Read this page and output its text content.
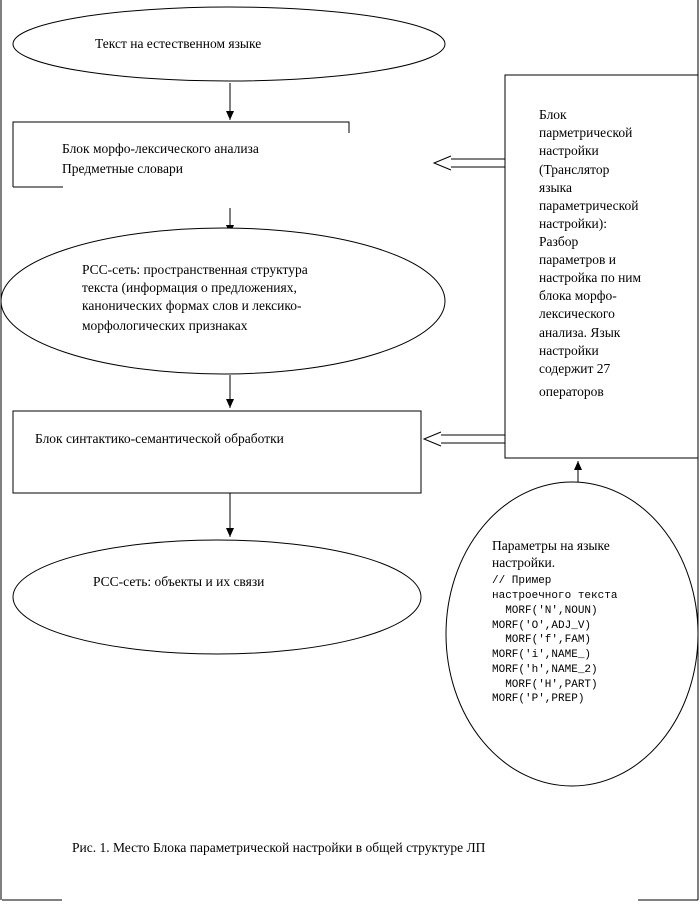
Текст на естественном языке
Блок морфо-лексического анализа Предметные словари
РСС-сеть: пространственная структура текста (информация о предложениях, канонических формах слов и лексико- морфологических признаках
Блок синтактико-семантической обработки
РСС-сеть: объекты и их связи
Блок парметрической настройки (Транслятор языка параметрической настройки): Разбор параметров и настройка по ним блока морфо- лексического анализа. Язык настройки содержит 27 операторов
Параметры на языке настройки.
// Пример настроечного текста   MORF('N',NOUN) MORF('O',ADJ_V)   MORF('f',FAM) MORF('i',NAME_) MORF('h',NAME_2)   MORF('H',PART) MORF('P',PREP)
Рис. 1. Место Блока параметрической настройки в общей структуре ЛП
